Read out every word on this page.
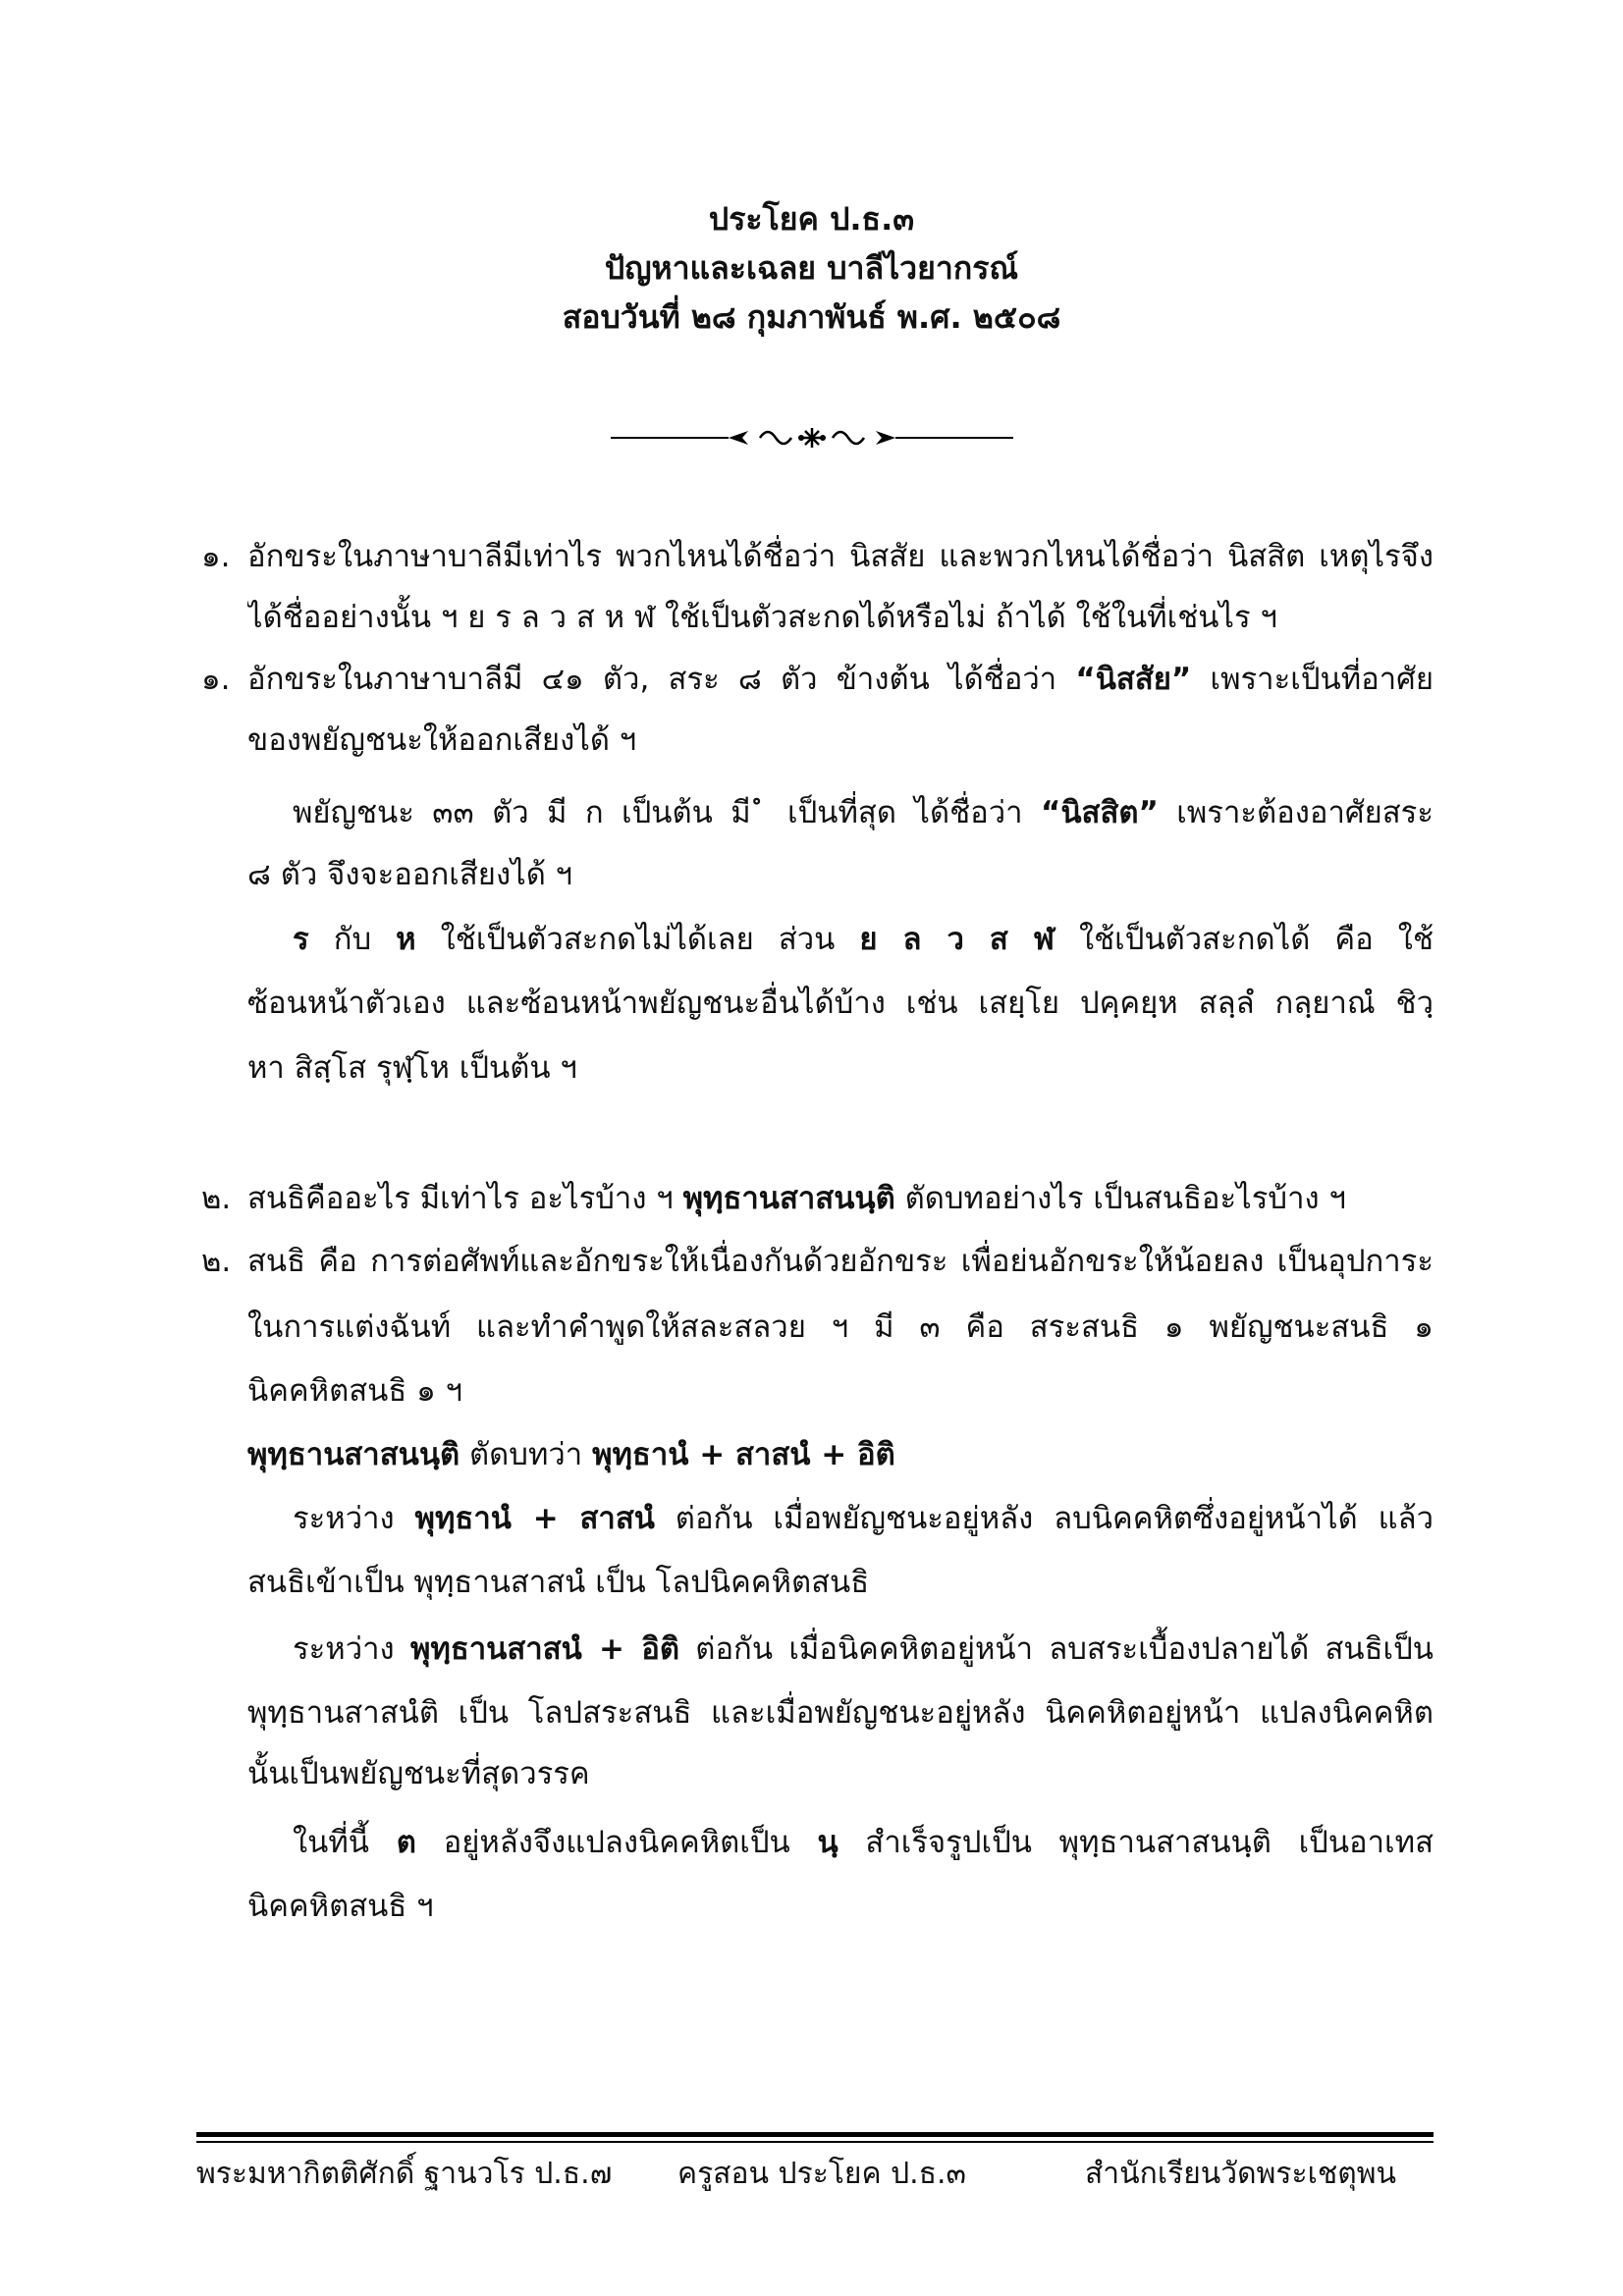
ประโยค ป.ธ.๓
ปัญหาและเฉลย บาลีไวยากรณ์
สอบวันที่ ๒๘ กุมภาพันธ์ พ.ศ. ๒๕๐๘
๑. อักขระในภาษาบาลีมีเท่าไร พวกไหนได้ชื่อว่า นิสสัย และพวกไหนได้ชื่อว่า นิสสิต เหตุไรจึง
ได้ชื่ออย่างนั้น ฯ ย ร ล ว ส ห ฬ ใช้เป็นตัวสะกดได้หรือไม่ ถ้าได้ ใช้ในที่เช่นไร ฯ
๑. อักขระในภาษาบาลีมี ๔๑ ตัว, สระ ๘ ตัว ข้างต้น ได้ชื่อว่า “นิสสัย” เพราะเป็นที่อาศัย
ของพยัญชนะให้ออกเสียงได้ ฯ
พยัญชนะ ๓๓ ตัว มี ก เป็นต้น มี ํ เป็นที่สุด ได้ชื่อว่า “นิสสิต” เพราะต้องอาศัยสระ
๘ ตัว จึงจะออกเสียงได้ ฯ
ร กับ ห ใช้เป็นตัวสะกดไม่ได้เลย ส่วน ย ล ว ส ฬ ใช้เป็นตัวสะกดได้ คือ ใช้
ซ้อนหน้าตัวเอง และซ้อนหน้าพยัญชนะอื่นได้บ้าง เช่น เสยฺโย ปคฺคยฺห สลฺลํ กลฺยาณํ ชิวฺ
หา สิสฺโส รุฬฺโห เป็นต้น ฯ
๒. สนธิคืออะไร มีเท่าไร อะไรบ้าง ฯ พุทฺธานสาสนนฺติ ตัดบทอย่างไร เป็นสนธิอะไรบ้าง ฯ
๒. สนธิ คือ การต่อศัพท์และอักขระให้เนื่องกันด้วยอักขระ เพื่อย่นอักขระให้น้อยลง เป็นอุปการะ
ในการแต่งฉันท์ และทำคำพูดให้สละสลวย ฯ มี ๓ คือ สระสนธิ ๑ พยัญชนะสนธิ ๑
นิคคหิตสนธิ ๑ ฯ
พุทฺธานสาสนนฺติ ตัดบทว่า พุทฺธานํ + สาสนํ + อิติ
ระหว่าง พุทฺธานํ + สาสนํ ต่อกัน เมื่อพยัญชนะอยู่หลัง ลบนิคคหิตซึ่งอยู่หน้าได้ แล้ว
สนธิเข้าเป็น พุทฺธานสาสนํ เป็น โลปนิคคหิตสนธิ
ระหว่าง พุทฺธานสาสนํ + อิติ ต่อกัน เมื่อนิคคหิตอยู่หน้า ลบสระเบื้องปลายได้ สนธิเป็น
พุทฺธานสาสนํติ เป็น โลปสระสนธิ และเมื่อพยัญชนะอยู่หลัง นิคคหิตอยู่หน้า แปลงนิคคหิต
นั้นเป็นพยัญชนะที่สุดวรรค
ในที่นี้ ต อยู่หลังจึงแปลงนิคคหิตเป็น นฺ สำเร็จรูปเป็น พุทฺธานสาสนนฺติ เป็นอาเทส
นิคคหิตสนธิ ฯ
พระมหากิตติศักดิ์ ฐานวโร ป.ธ.๗ ครูสอน ประโยค ป.ธ.๓	สำนักเรียนวัดพระเชตุพน
